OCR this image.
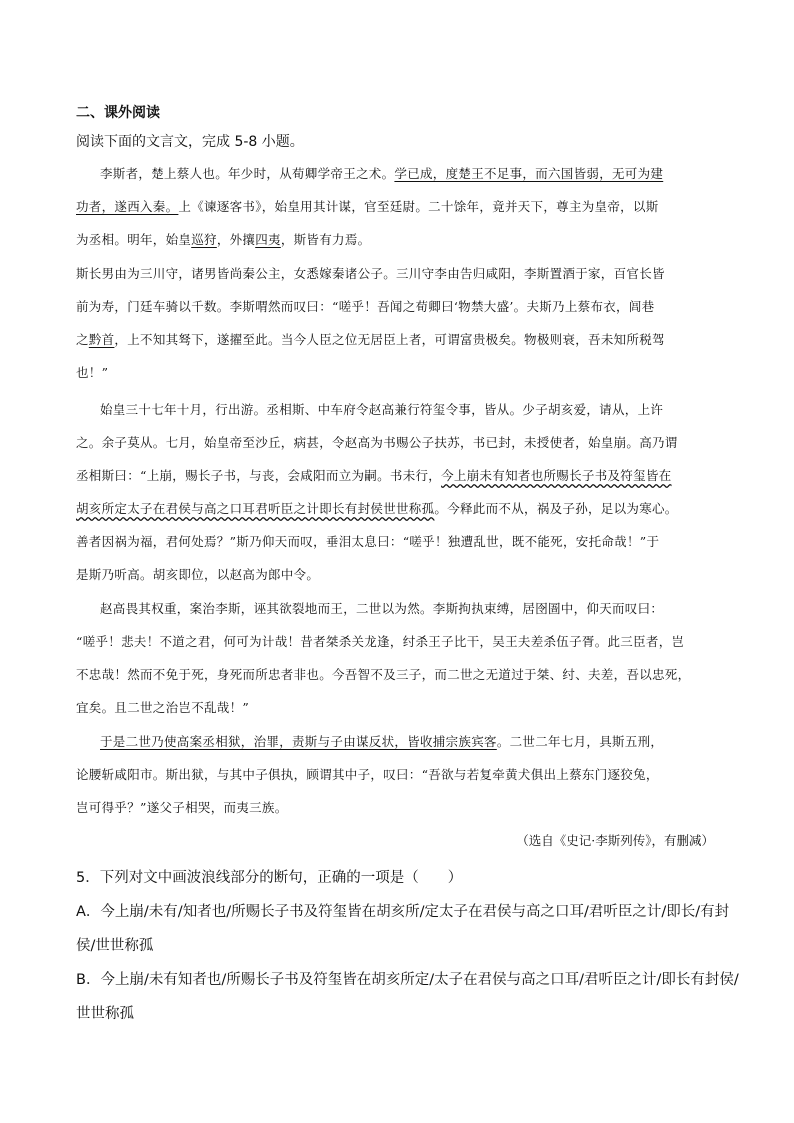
二、课外阅读
阅读下面的文言文，完成 5-8 小题。
李斯者，楚上蔡人也。年少时，从荀卿学帝王之术。学已成，度楚王不足事，而六国皆弱，无可为建
功者，遂西入秦。上《谏逐客书》，始皇用其计谋，官至廷尉。二十馀年，竟并天下，尊主为皇帝，以斯
为丞相。明年，始皇巡狩，外攘四夷，斯皆有力焉。
斯长男由为三川守，诸男皆尚秦公主，女悉嫁秦诸公子。三川守李由告归咸阳，李斯置酒于家，百官长皆
前为寿，门廷车骑以千数。李斯喟然而叹曰：“嗟乎！吾闻之荀卿曰‘物禁大盛’。夫斯乃上蔡布衣，闾巷
之黔首，上不知其驽下，遂擢至此。当今人臣之位无居臣上者，可谓富贵极矣。物极则衰，吾未知所税驾
也！”
始皇三十七年十月，行出游。丞相斯、中车府令赵高兼行符玺令事，皆从。少子胡亥爱，请从，上许
之。余子莫从。七月，始皇帝至沙丘，病甚，令赵高为书赐公子扶苏，书已封，未授使者，始皇崩。高乃谓
丞相斯曰：“上崩，赐长子书，与丧，会咸阳而立为嗣。书未行，今上崩未有知者也所赐长子书及符玺皆在
胡亥所定太子在君侯与高之口耳君听臣之计即长有封侯世世称孤。今释此而不从，祸及子孙，足以为寒心。
善者因祸为福，君何处焉？”斯乃仰天而叹，垂泪太息曰：“嗟乎！独遭乱世，既不能死，安托命哉！”于
是斯乃听高。胡亥即位，以赵高为郎中令。
赵高畏其权重，案治李斯，诬其欲裂地而王，二世以为然。李斯拘执束缚，居囹圄中，仰天而叹曰：
“嗟乎！悲夫！不道之君，何可为计哉！昔者桀杀关龙逢，纣杀王子比干，吴王夫差杀伍子胥。此三臣者，岂
不忠哉！然而不免于死，身死而所忠者非也。今吾智不及三子，而二世之无道过于桀、纣、夫差，吾以忠死，
宜矣。且二世之治岂不乱哉！”
于是二世乃使高案丞相狱，治罪，责斯与子由谋反状，皆收捕宗族宾客。二世二年七月，具斯五刑，
论腰斩咸阳市。斯出狱，与其中子俱执，顾谓其中子，叹曰：“吾欲与若复牵黄犬俱出上蔡东门逐狡兔，
岂可得乎？”遂父子相哭，而夷三族。
（选自《史记·李斯列传》，有删减）
5．下列对文中画波浪线部分的断句，正确的一项是（　　）
A．今上崩/未有/知者也/所赐长子书及符玺皆在胡亥所/定太子在君侯与高之口耳/君听臣之计/即长/有封
侯/世世称孤
B．今上崩/未有知者也/所赐长子书及符玺皆在胡亥所定/太子在君侯与高之口耳/君听臣之计/即长有封侯/
世世称孤
